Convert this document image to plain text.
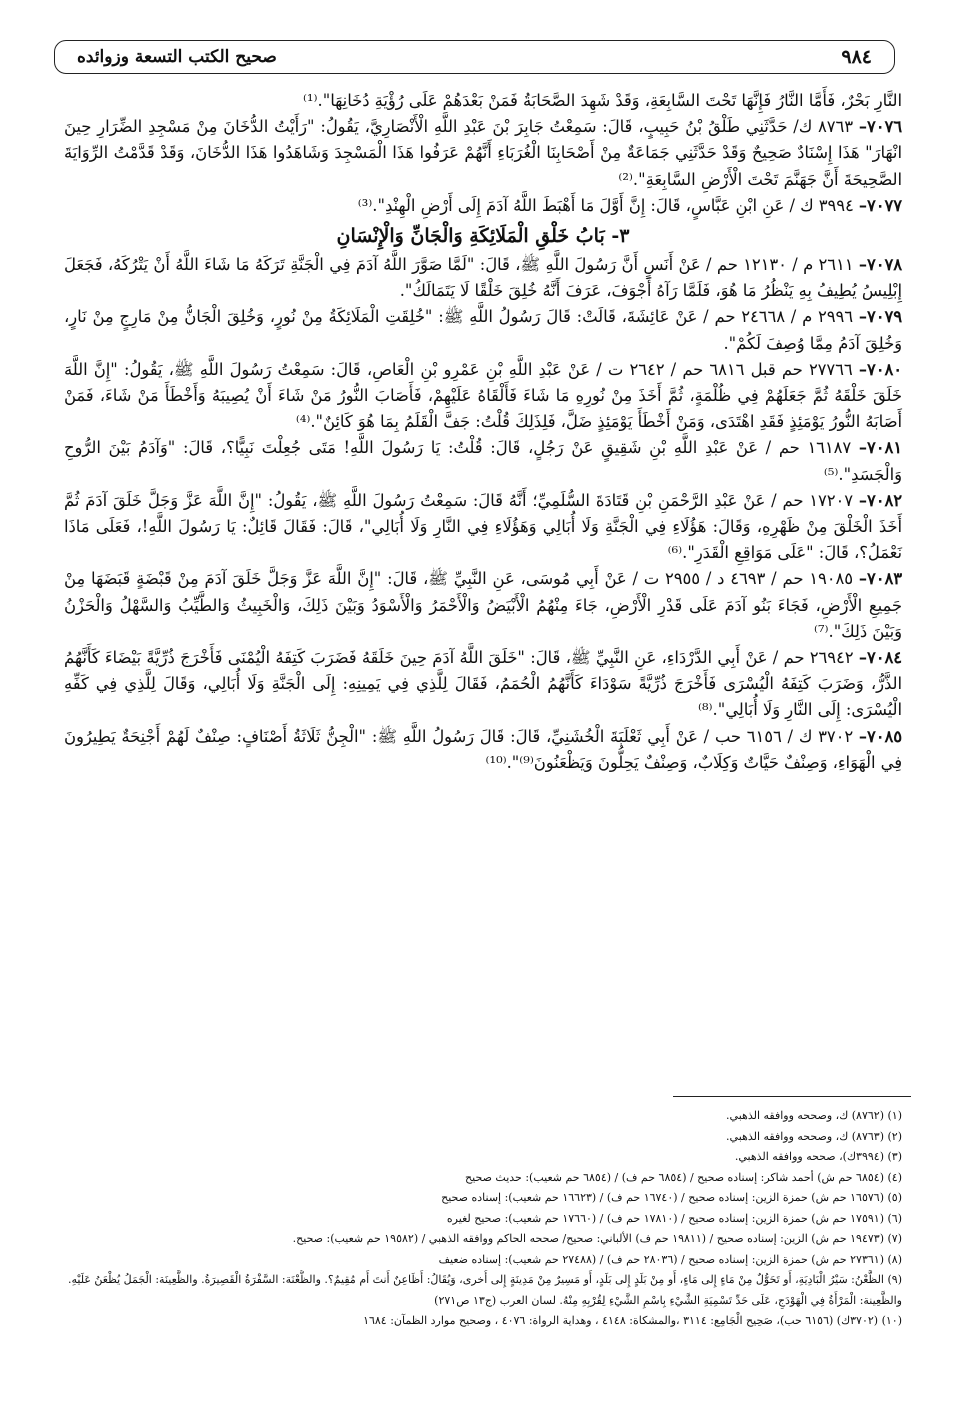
٩٨٤
صحيح الكتب التسعة وزوائده

النَّارِ بَحْرٌ، فَأَمَّا النَّارُ فَإِنَّهَا تَحْتَ السَّابِعَةِ، وَقَدْ شَهِدَ الصَّحَابَةُ فَمَنْ بَعْدَهُمْ عَلَى رُؤْيَةِ دُخَانِهَا".⁽¹⁾

٧٠٧٦– ٨٧٦٣ ك/ حَدَّثَنِي طَلْقُ بْنُ حَبِيبٍ، قَالَ: سَمِعْتُ جَابِرَ بْنَ عَبْدِ اللَّهِ الْأَنْصَارِيَّ، يَقُولُ: "رَأَيْتُ الدُّخَانَ مِنْ مَسْجِدِ الضِّرَارِ حِينَ انْهَارَ" هَذَا إِسْنَادٌ صَحِيحٌ وَقَدْ حَدَّثَنِي جَمَاعَةٌ مِنْ أَصْحَابِنَا الْغُرَبَاءِ أَنَّهُمْ عَرَفُوا هَذَا الْمَسْجِدَ وَشَاهَدُوا هَذَا الدُّخَانَ، وَقَدْ قَدَّمْتُ الرِّوَايَةَ الصَّحِيحَةَ أَنَّ جَهَنَّمَ تَحْتَ الْأَرْضِ السَّابِعَةِ".⁽²⁾

٧٠٧٧– ٣٩٩٤ ك / عَنِ ابْنِ عَبَّاسٍ، قَالَ: إِنَّ أَوَّلَ مَا أَهْبَطَ اللَّهُ آدَمَ إِلَى أَرْضِ الْهِنْدِ".⁽³⁾

٣- بَابُ خَلْقِ الْمَلَائِكَةِ وَالْجَانِّ وَالْإِنْسَانِ

٧٠٧٨– ٢٦١١ م / ١٢١٣٠ حم / عَنْ أَنَسٍ أَنَّ رَسُولَ اللَّهِ ﷺ، قَالَ: "لَمَّا صَوَّرَ اللَّهُ آدَمَ فِي الْجَنَّةِ تَرَكَهُ مَا شَاءَ اللَّهُ أَنْ يَتْرُكَهُ، فَجَعَلَ إِبْلِيسُ يُطِيفُ بِهِ يَنْظُرُ مَا هُوَ، فَلَمَّا رَآهُ أَجْوَفَ، عَرَفَ أَنَّهُ خُلِقَ خَلْقًا لَا يَتَمَالَكُ".

٧٠٧٩– ٢٩٩٦ م / ٢٤٦٦٨ حم / عَنْ عَائِشَةَ، قَالَتْ: قَالَ رَسُولُ اللَّهِ ﷺ: "خُلِقَتِ الْمَلَائِكَةُ مِنْ نُورٍ، وَخُلِقَ الْجَانُّ مِنْ مَارِجٍ مِنْ نَارٍ، وَخُلِقَ آدَمُ مِمَّا وُصِفَ لَكُمْ".

٧٠٨٠– ٢٧٧٦٦ حم قبل ٦٨١٦ حم / ٢٦٤٢ ت / عَنْ عَبْدِ اللَّهِ بْنِ عَمْرِو بْنِ الْعَاصِ، قَالَ: سَمِعْتُ رَسُولَ اللَّهِ ﷺ، يَقُولُ: "إِنَّ اللَّهَ خَلَقَ خَلْقَهُ ثُمَّ جَعَلَهُمْ فِي ظُلْمَةٍ، ثُمَّ أَخَذَ مِنْ نُورِهِ مَا شَاءَ فَأَلْقَاهُ عَلَيْهِمْ، فَأَصَابَ النُّورُ مَنْ شَاءَ أَنْ يُصِيبَهُ وَأَخْطَأَ مَنْ شَاءَ، فَمَنْ أَصَابَهُ النُّورُ يَوْمَئِذٍ فَقَدِ اهْتَدَى، وَمَنْ أَخْطَأَ يَوْمَئِذٍ ضَلَّ، فَلِذَلِكَ قُلْتُ: جَفَّ الْقَلَمُ بِمَا هُوَ كَائِنٌ".⁽⁴⁾

٧٠٨١– ١٦١٨٧ حم / عَنْ عَبْدِ اللَّهِ بْنِ شَقِيقٍ عَنْ رَجُلٍ، قَالَ: قُلْتُ: يَا رَسُولَ اللَّهِ! مَتَى جُعِلْتَ نَبِيًّا؟، قَالَ: "وَآدَمُ بَيْنَ الرُّوحِ وَالْجَسَدِ".⁽⁵⁾

٧٠٨٢– ١٧٢٠٧ حم / عَنْ عَبْدِ الرَّحْمَنِ بْنِ قَتَادَةَ السُّلَمِيِّ؛ أَنَّهُ قَالَ: سَمِعْتُ رَسُولَ اللَّهِ ﷺ، يَقُولُ: "إِنَّ اللَّهَ عَزَّ وَجَلَّ خَلَقَ آدَمَ ثُمَّ أَخَذَ الْخَلْقَ مِنْ ظَهْرِهِ، وَقَالَ: هَؤُلَاءِ فِي الْجَنَّةِ وَلَا أُبَالِي وَهَؤُلَاءِ فِي النَّارِ وَلَا أُبَالِي"، قَالَ: فَقَالَ قَائِلٌ: يَا رَسُولَ اللَّهِ!، فَعَلَى مَاذَا نَعْمَلُ؟، قَالَ: "عَلَى مَوَاقِعِ الْقَدَرِ".⁽⁶⁾

٧٠٨٣– ١٩٠٨٥ حم / ٤٦٩٣ د / ٢٩٥٥ ت / عَنْ أَبِي مُوسَى، عَنِ النَّبِيِّ ﷺ، قَالَ: "إِنَّ اللَّهَ عَزَّ وَجَلَّ خَلَقَ آدَمَ مِنْ قَبْضَةٍ قَبَضَهَا مِنْ جَمِيعِ الْأَرْضِ، فَجَاءَ بَنُو آدَمَ عَلَى قَدْرِ الْأَرْضِ، جَاءَ مِنْهُمُ الْأَبْيَضُ وَالْأَحْمَرُ وَالْأَسْوَدُ وَبَيْنَ ذَلِكَ، وَالْخَبِيثُ وَالطَّيِّبُ وَالسَّهْلُ وَالْحَزْنُ وَبَيْنَ ذَلِكَ".⁽⁷⁾

٧٠٨٤– ٢٦٩٤٢ حم / عَنْ أَبِي الدَّرْدَاءِ، عَنِ النَّبِيِّ ﷺ، قَالَ: "خَلَقَ اللَّهُ آدَمَ حِينَ خَلَقَهُ فَضَرَبَ كَتِفَهُ الْيُمْنَى فَأَخْرَجَ ذُرِّيَّةً بَيْضَاءَ كَأَنَّهُمُ الذَّرُّ، وَضَرَبَ كَتِفَهُ الْيُسْرَى فَأَخْرَجَ ذُرِّيَّةً سَوْدَاءَ كَأَنَّهُمُ الْحُمَمُ، فَقَالَ لِلَّذِي فِي يَمِينِهِ: إِلَى الْجَنَّةِ وَلَا أُبَالِي، وَقَالَ لِلَّذِي فِي كَفِّهِ الْيُسْرَى: إِلَى النَّارِ وَلَا أُبَالِي".⁽⁸⁾

٧٠٨٥– ٣٧٠٢ ك / ٦١٥٦ حب / عَنْ أَبِي ثَعْلَبَةَ الْخُشَنِيِّ، قَالَ: قَالَ رَسُولُ اللَّهِ ﷺ: "الْجِنُّ ثَلَاثَةُ أَصْنَافٍ: صِنْفٌ لَهُمْ أَجْنِحَةٌ يَطِيرُونَ فِي الْهَوَاءِ، وَصِنْفٌ حَيَّاتٌ وَكِلَابٌ، وَصِنْفٌ يَحِلُّونَ وَيَظْعَنُونَ⁽⁹⁾".⁽¹⁰⁾

(١) (٨٧٦٢) ك، وصححه ووافقه الذهبي.

(٢) (٨٧٦٣) ك، وصححه ووافقه الذهبي.

(٣) (٣٩٩٤ك)، صححه ووافقه الذهبي.

(٤) (٦٨٥٤ حم ش) أحمد شاكر: إسناده صحيح / (٦٨٥٤ حم ف) / (٦٨٥٤ حم شعيب): حديث صحيح

(٥) (١٦٥٧٦ حم ش) حمزة الزين: إسناده صحيح / (١٦٧٤٠ حم ف) / (١٦٦٢٣ حم شعيب): إسناده صحيح

(٦) (١٧٥٩١ حم ش) حمزة الزين: إسناده صحيح / (١٧٨١٠ حم ف) / (١٧٦٦٠ حم شعيب): صحيح لغيره

(٧) (١٩٤٧٣ حم ش) الزين: إسناده صحيح / (١٩٨١١ حم ف) الألباني: صحيح/ صححه الحاكم ووافقه الذهبي / (١٩٥٨٢ حم شعيب): صحيح.

(٨) (٢٧٣٦١ حم ش) حمزة الزين: إسناده صحيح / (٢٨٠٣٦ حم ف) / (٢٧٤٨٨ حم شعيب): إسناده ضعيف

(٩) الظَّعْنُ: سَيْرُ الْبَادِيَةِ، أَو تَحَوُّلٌ مِنْ مَاءٍ إِلى مَاءٍ، أَو مِنْ بَلَدٍ إِلى بَلَدٍ، أَو مَسِيرٌ مِنْ مَدِينَةٍ إِلى أُخرى، وَيُقَالُ: أَظَاعِنٌ أَنتَ أَم مُقِيمٌ؟. والظُّعْنَة: السَّفْرَةُ الْقَصِيرَةُ. والظَّعِينَة: الْجَمَلُ يُظْعَنُ عَلَيْهِ. والظَّعِينة: الْمَرْأَةُ فِي الْهَوْدَجِ، عَلَى حَدِّ تَسْمِيَةِ الشَّيْءِ بِاسْمِ الشَّيْءِ لِقُرْبِهِ مِنْهُ. لسان العرب (ج١٣ ص٢٧١)

(١٠) (٣٧٠٢ك) (٦١٥٦ حب)، صَحِيح الْجَامِع: ٣١١٤ ،والمشكاة: ٤١٤٨ ، وهداية الرواة: ٤٠٧٦ ، وصحيح موارد الظمآن: ١٦٨٤
